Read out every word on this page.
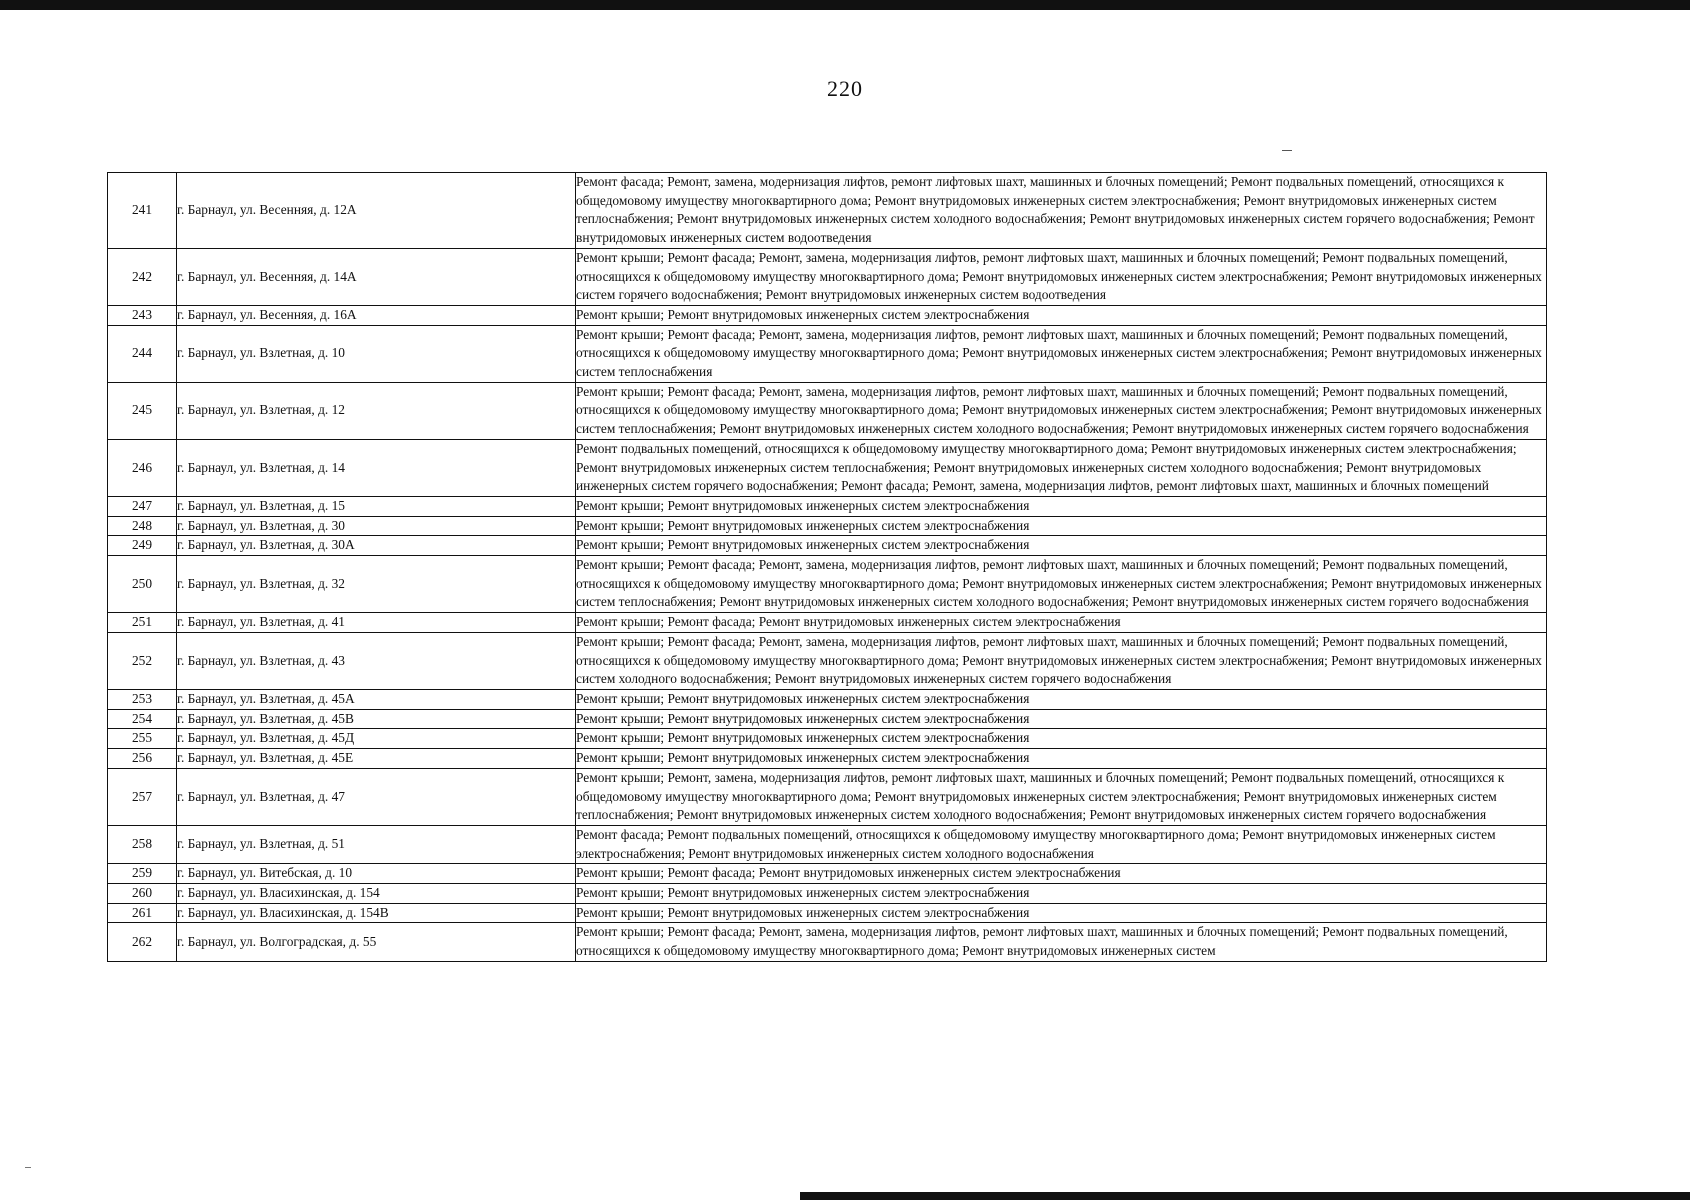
220
241	г. Барнаул, ул. Весенняя, д. 12А	Ремонт фасада; Ремонт, замена, модернизация лифтов, ремонт лифтовых шахт, машинных и блочных помещений; Ремонт подвальных помещений, относящихся к общедомовому имуществу многоквартирного дома; Ремонт внутридомовых инженерных систем электроснабжения; Ремонт внутридомовых инженерных систем теплоснабжения; Ремонт внутридомовых инженерных систем холодного водоснабжения; Ремонт внутридомовых инженерных систем горячего водоснабжения; Ремонт внутридомовых инженерных систем водоотведения
242	г. Барнаул, ул. Весенняя, д. 14А	Ремонт крыши; Ремонт фасада; Ремонт, замена, модернизация лифтов, ремонт лифтовых шахт, машинных и блочных помещений; Ремонт подвальных помещений, относящихся к общедомовому имуществу многоквартирного дома; Ремонт внутридомовых инженерных систем электроснабжения; Ремонт внутридомовых инженерных систем горячего водоснабжения; Ремонт внутридомовых инженерных систем водоотведения
243	г. Барнаул, ул. Весенняя, д. 16А	Ремонт крыши; Ремонт внутридомовых инженерных систем электроснабжения
244	г. Барнаул, ул. Взлетная, д. 10	Ремонт крыши; Ремонт фасада; Ремонт, замена, модернизация лифтов, ремонт лифтовых шахт, машинных и блочных помещений; Ремонт подвальных помещений, относящихся к общедомовому имуществу многоквартирного дома; Ремонт внутридомовых инженерных систем электроснабжения; Ремонт внутридомовых инженерных систем теплоснабжения
245	г. Барнаул, ул. Взлетная, д. 12	Ремонт крыши; Ремонт фасада; Ремонт, замена, модернизация лифтов, ремонт лифтовых шахт, машинных и блочных помещений; Ремонт подвальных помещений, относящихся к общедомовому имуществу многоквартирного дома; Ремонт внутридомовых инженерных систем электроснабжения; Ремонт внутридомовых инженерных систем теплоснабжения; Ремонт внутридомовых инженерных систем холодного водоснабжения; Ремонт внутридомовых инженерных систем горячего водоснабжения
246	г. Барнаул, ул. Взлетная, д. 14	Ремонт подвальных помещений, относящихся к общедомовому имуществу многоквартирного дома; Ремонт внутридомовых инженерных систем электроснабжения; Ремонт внутридомовых инженерных систем теплоснабжения; Ремонт внутридомовых инженерных систем холодного водоснабжения; Ремонт внутридомовых инженерных систем горячего водоснабжения; Ремонт фасада; Ремонт, замена, модернизация лифтов, ремонт лифтовых шахт, машинных и блочных помещений
247	г. Барнаул, ул. Взлетная, д. 15	Ремонт крыши; Ремонт внутридомовых инженерных систем электроснабжения
248	г. Барнаул, ул. Взлетная, д. 30	Ремонт крыши; Ремонт внутридомовых инженерных систем электроснабжения
249	г. Барнаул, ул. Взлетная, д. 30А	Ремонт крыши; Ремонт внутридомовых инженерных систем электроснабжения
250	г. Барнаул, ул. Взлетная, д. 32	Ремонт крыши; Ремонт фасада; Ремонт, замена, модернизация лифтов, ремонт лифтовых шахт, машинных и блочных помещений; Ремонт подвальных помещений, относящихся к общедомовому имуществу многоквартирного дома; Ремонт внутридомовых инженерных систем электроснабжения; Ремонт внутридомовых инженерных систем теплоснабжения; Ремонт внутридомовых инженерных систем холодного водоснабжения; Ремонт внутридомовых инженерных систем горячего водоснабжения
251	г. Барнаул, ул. Взлетная, д. 41	Ремонт крыши; Ремонт фасада; Ремонт внутридомовых инженерных систем электроснабжения
252	г. Барнаул, ул. Взлетная, д. 43	Ремонт крыши; Ремонт фасада; Ремонт, замена, модернизация лифтов, ремонт лифтовых шахт, машинных и блочных помещений; Ремонт подвальных помещений, относящихся к общедомовому имуществу многоквартирного дома; Ремонт внутридомовых инженерных систем электроснабжения; Ремонт внутридомовых инженерных систем холодного водоснабжения; Ремонт внутридомовых инженерных систем горячего водоснабжения
253	г. Барнаул, ул. Взлетная, д. 45А	Ремонт крыши; Ремонт внутридомовых инженерных систем электроснабжения
254	г. Барнаул, ул. Взлетная, д. 45В	Ремонт крыши; Ремонт внутридомовых инженерных систем электроснабжения
255	г. Барнаул, ул. Взлетная, д. 45Д	Ремонт крыши; Ремонт внутридомовых инженерных систем электроснабжения
256	г. Барнаул, ул. Взлетная, д. 45Е	Ремонт крыши; Ремонт внутридомовых инженерных систем электроснабжения
257	г. Барнаул, ул. Взлетная, д. 47	Ремонт крыши; Ремонт, замена, модернизация лифтов, ремонт лифтовых шахт, машинных и блочных помещений; Ремонт подвальных помещений, относящихся к общедомовому имуществу многоквартирного дома; Ремонт внутридомовых инженерных систем электроснабжения; Ремонт внутридомовых инженерных систем теплоснабжения; Ремонт внутридомовых инженерных систем холодного водоснабжения; Ремонт внутридомовых инженерных систем горячего водоснабжения
258	г. Барнаул, ул. Взлетная, д. 51	Ремонт фасада; Ремонт подвальных помещений, относящихся к общедомовому имуществу многоквартирного дома; Ремонт внутридомовых инженерных систем электроснабжения; Ремонт внутридомовых инженерных систем холодного водоснабжения
259	г. Барнаул, ул. Витебская, д. 10	Ремонт крыши; Ремонт фасада; Ремонт внутридомовых инженерных систем электроснабжения
260	г. Барнаул, ул. Власихинская, д. 154	Ремонт крыши; Ремонт внутридомовых инженерных систем электроснабжения
261	г. Барнаул, ул. Власихинская, д. 154В	Ремонт крыши; Ремонт внутридомовых инженерных систем электроснабжения
262	г. Барнаул, ул. Волгоградская, д. 55	Ремонт крыши; Ремонт фасада; Ремонт, замена, модернизация лифтов, ремонт лифтовых шахт, машинных и блочных помещений; Ремонт подвальных помещений, относящихся к общедомовому имуществу многоквартирного дома; Ремонт внутридомовых инженерных систем
